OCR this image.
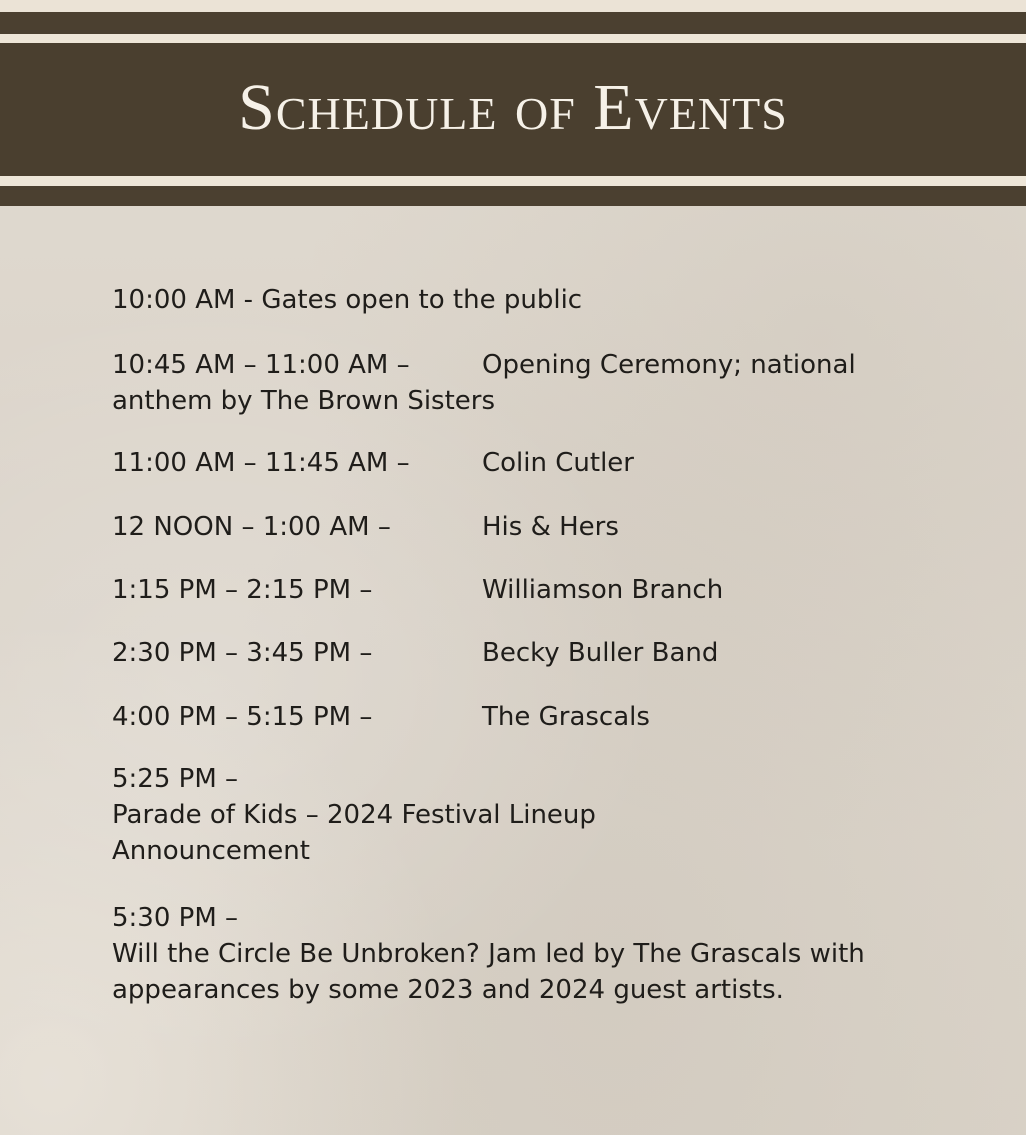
Schedule of Events
10:00 AM - Gates open to the public
10:45 AM – 11:00 AM –	Opening Ceremony; national
anthem by The Brown Sisters
11:00 AM – 11:45 AM –	Colin Cutler
12 NOON – 1:00 AM –	His & Hers
1:15 PM – 2:15 PM –	Williamson Branch
2:30 PM – 3:45 PM –	Becky Buller Band
4:00 PM – 5:15 PM –	The Grascals
5:25 PM –
Parade of Kids – 2024 Festival Lineup
Announcement
5:30 PM –
Will the Circle Be Unbroken? Jam led by The Grascals with
appearances by some 2023 and 2024 guest artists.
